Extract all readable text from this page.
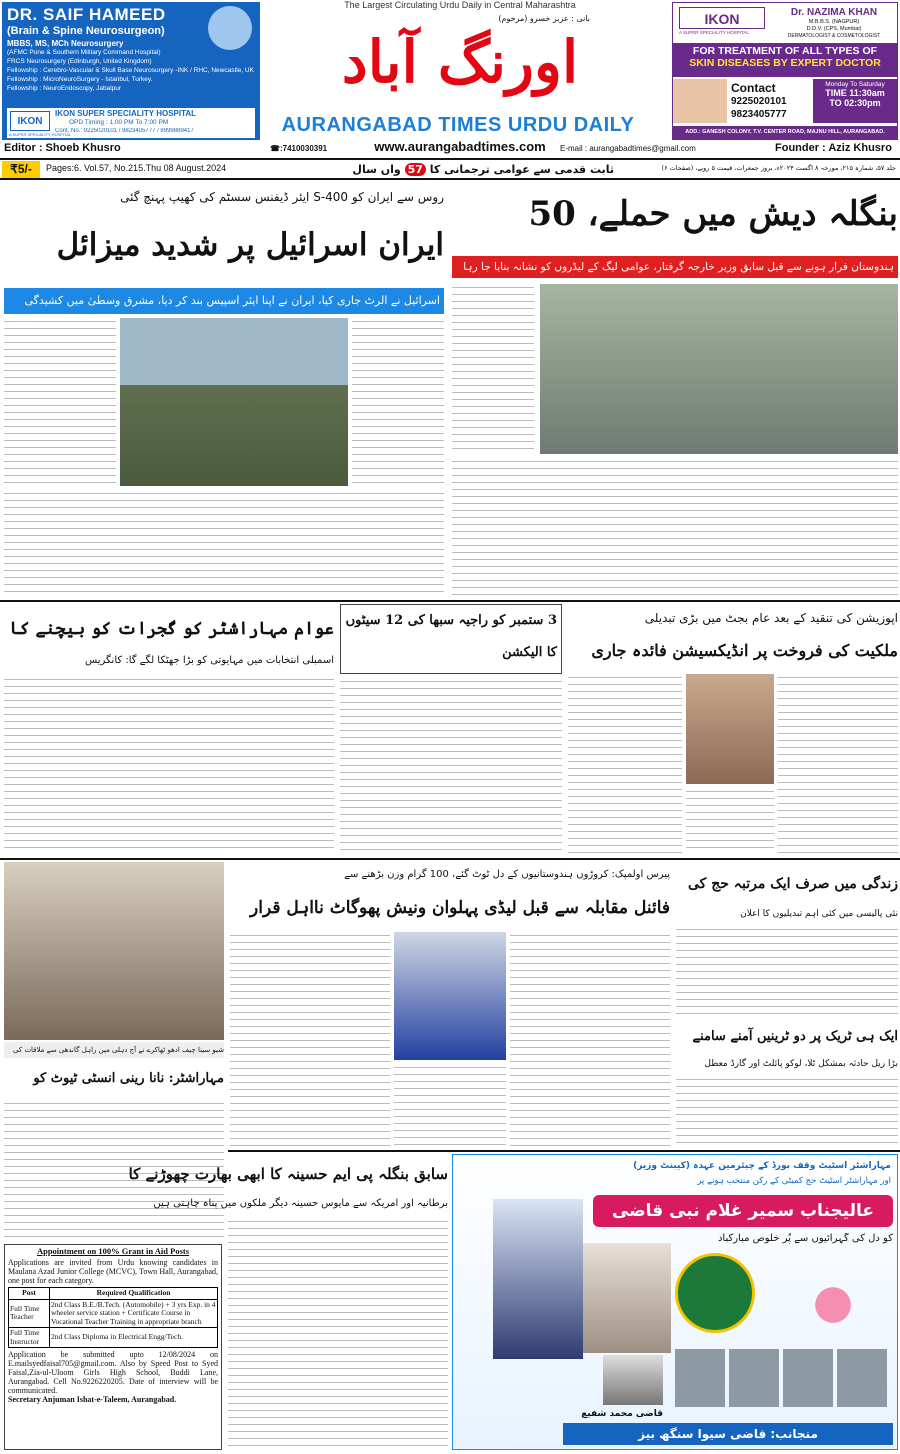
The Largest Circulating Urdu Daily in Central Maharashtra
بانی : عزیز خسرو (مرحوم)
DR. SAIF HAMEED
(Brain & Spine Neurosurgeon)
MBBS, MS, MCh Neurosurgery
(AFMC Pune & Southern Military Command Hospital)
FRCS Neurosurgery (Edinburgh, United Kingdom)
Fellowship : Cerebro-Vascular & Skull Base Neurosurgery -INK / RHC, Newcastle, UK
Fellowship : MicroNeuroSurgery - Istanbul, Turkey.
Fellowship : NeuroEndoscopy, Jabalpur
IKON
A SUPER SPECIALITY HOSPITAL
IKON SUPER SPECIALITY HOSPITAL
OPD Timing : 1:00 PM To 7:00 PM
Cont. No.: 9225020101 / 9823405777 / 8999889417
اورنگ آباد
AURANGABAD TIMES URDU DAILY
IKON
A SUPER SPECIALITY HOSPITAL
Dr. NAZIMA KHAN
M.B.B.S. (NAGPUR)
D.D.V. (CPS, Mumbai)
DERMATOLOGIST & COSMETOLOGIST
FOR TREATMENT OF ALL TYPES OF
SKIN DISEASES BY EXPERT DOCTOR
Contact
9225020101
9823405777
Monday To Saturday
TIME 11:30am
TO 02:30pm
ADD.: GANESH COLONY, T.V. CENTER ROAD, MAJNU HILL, AURANGABAD.
☎:7410030391	www.aurangabadtimes.com	E-mail : aurangabadtimes@gmail.com
Editor : Shoeb Khusro	Founder : Aziz Khusro
₹5/-	Pages:6. Vol.57, No.215.Thu 08 August.2024	ثابت قدمی سے عوامی ترجمانی کا 57 واں سال	جلد ۵۷، شمارہ ۲۱۵، مورخہ ۸ اگست ۲۰۲۴ء، بروز جمعرات، قیمت ۵ روپے، (صفحات ۶)
بنگلہ دیش میں حملے، 50
ہندوستان فرار ہونے سے قبل سابق وزیر خارجہ گرفتار، عوامی لیگ کے لیڈروں کو نشانہ بنایا جا رہا
روس سے ایران کو S-400 ایئر ڈیفنس سسٹم کی کھیپ پہنچ گئی
ایران اسرائیل پر شدید میزائل
اسرائیل نے الرٹ جاری کیا، ایران نے اپنا ایئر اسپیس بند کر دیا، مشرق وسطیٰ میں کشیدگی
عوام مہاراشٹر کو گجرات کو بیچنے کا
اسمبلی انتخابات میں مہایوتی کو بڑا جھٹکا لگے گا: کانگریس
3 ستمبر کو راجیہ سبھا کی 12 سیٹوں کا الیکشن
اپوزیشن کی تنقید کے بعد عام بجٹ میں بڑی تبدیلی
ملکیت کی فروخت پر انڈیکسیشن فائدہ جاری
شیو سینا چیف ادھو ٹھاکرے نے آج دہلی میں راہل گاندھی سے ملاقات کی
مہاراشٹر: نانا رینی انسٹی ٹیوٹ کو
پیرس اولمپک: کروڑوں ہندوستانیوں کے دل ٹوٹ گئے، 100 گرام وزن بڑھنے سے
فائنل مقابلہ سے قبل لیڈی پہلوان ونیش پھوگاٹ نااہل قرار
زندگی میں صرف ایک مرتبہ حج کی
نئی پالیسی میں کئی اہم تبدیلیوں کا اعلان
ایک ہی ٹریک پر دو ٹرینیں آمنے سامنے
بڑا ریل حادثہ بمشکل ٹلا، لوکو پائلٹ اور گارڈ معطل
سابق بنگلہ پی ایم حسینہ کا ابھی بھارت چھوڑنے کا
برطانیہ اور امریکہ سے مایوس حسینہ دیگر ملکوں میں پناہ چاہتی ہیں
Appointment on 100% Grant in Aid Posts
Applications are invited from Urdu knowing candidates in Maulana Azad Junior College (MCVC), Town Hall, Aurangabad, one post for each category.
Post	Required Qualification
Full Time Teacher	2nd Class B.E./B.Tech. (Automobile) + 3 yrs Exp. in 4 wheeler service station + Certificate Course in Vocational Teacher Training in appropriate branch
Full Time Instructor	2nd Class Diploma in Electrical Engg/Tech.
Application be submitted upto 12/08/2024 on E.mailsyedfaisal705@gmail.com. Also by Speed Post to Syed Faisal,Zia-ul-Uloom Girls High School, Buddi Lane, Aurangabad. Cell No.9226220205. Date of interview will be communicated.
Secretary Anjuman Ishat-e-Taleem, Aurangabad.
مہاراشٹر اسٹیٹ وقف بورڈ کے چیئرمین عہدہ (کیبنٹ وزیر)
اور مہاراشٹر اسٹیٹ حج کمیٹی کے رکن منتخب ہونے پر
عالیجناب سمیر غلام نبی قاضی
کو دل کی گہرائیوں سے پُر خلوص مبارکباد
قاضی محمد شفیع
منجانب: قاضی سیوا سنگھ بیز
